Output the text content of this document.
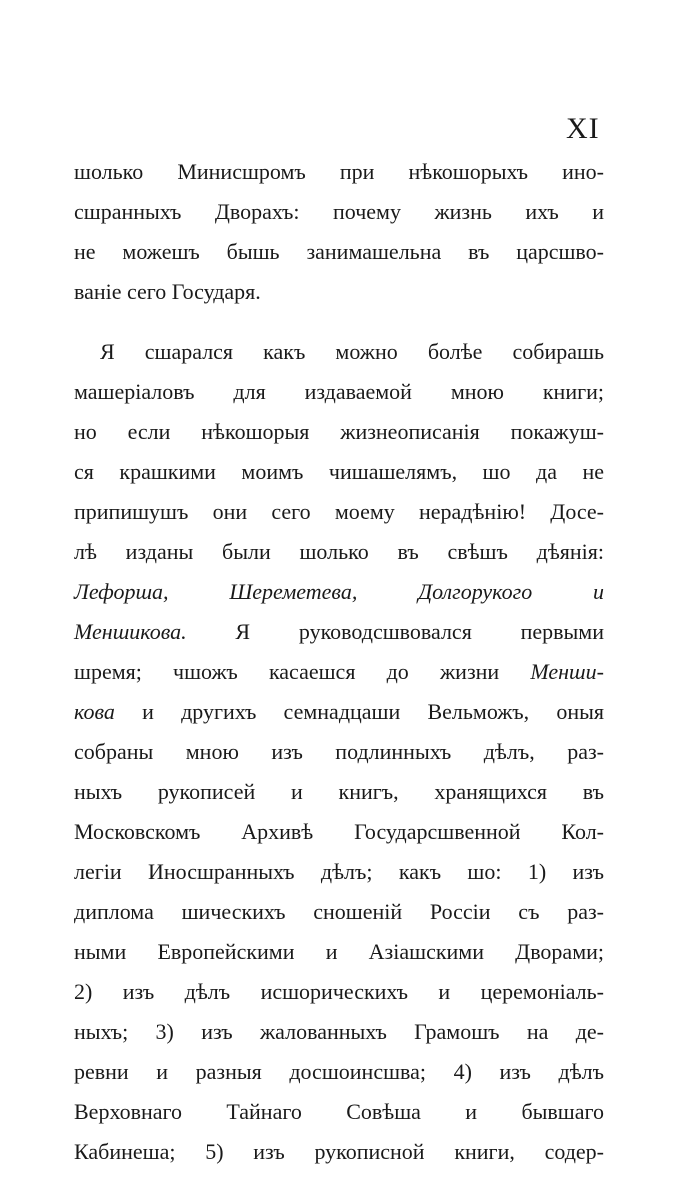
XI
шолько Минисшромъ при нѣкошорыхъ ино-
сшранныхъ Дворахъ: почему жизнь ихъ и
не можешъ бышь занимашельна въ царсшво-
ваніе сего Государя.
Я сшарался какъ можно болѣе собирашь
машеріаловъ для издаваемой мною книги;
но если нѣкошорыя жизнеописанія покажуш-
ся крашкими моимъ чишашелямъ, шо да не
припишушъ они сего моему нерадѣнію! Досе-
лѣ изданы были шолько въ свѣшъ дѣянія:
Лефорша, Шереметева, Долгорукого и
Меншикова. Я руководсшвовался первыми
шремя; чшожъ касаешся до жизни Менши-
кова и другихъ семнадцаши Вельможъ, оныя
собраны мною изъ подлинныхъ дѣлъ, раз-
ныхъ рукописей и книгъ, хранящихся въ
Московскомъ Архивѣ Государсшвенной Кол-
легіи Иносшранныхъ дѣлъ; какъ шо: 1) изъ
диплома шическихъ сношеній Россіи съ раз-
ными Европейскими и Азіашскими Дворами;
2) изъ дѣлъ исшорическихъ и церемоніаль-
ныхъ; 3) изъ жалованныхъ Грамошъ на де-
ревни и разныя досшоинсшва; 4) изъ дѣлъ
Верховнаго Тайнаго Совѣша и бывшаго
Кабинеша; 5) изъ рукописной книги, содер-
